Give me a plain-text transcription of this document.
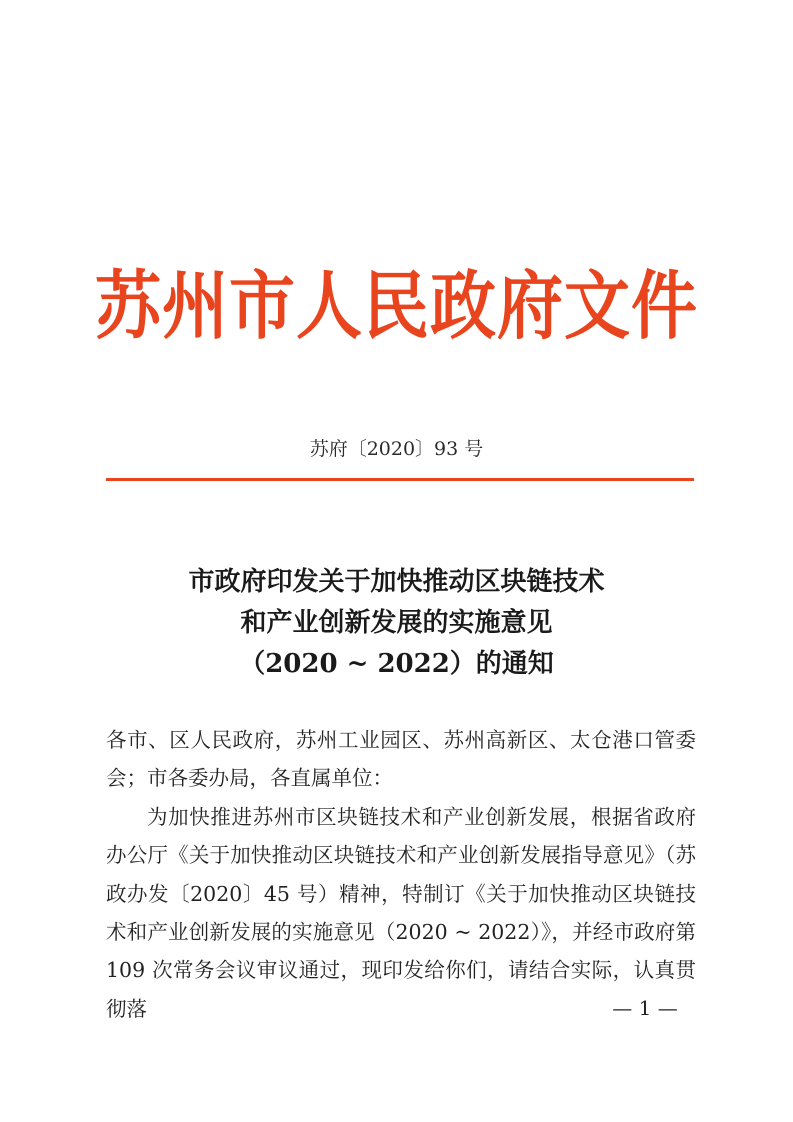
苏州市人民政府文件
苏府〔2020〕93 号
市政府印发关于加快推动区块链技术
和产业创新发展的实施意见
（2020 ~ 2022）的通知

各市、区人民政府，苏州工业园区、苏州高新区、太仓港口管委会；市各委办局，各直属单位：

为加快推进苏州市区块链技术和产业创新发展，根据省政府办公厅《关于加快推动区块链技术和产业创新发展指导意见》（苏政办发〔2020〕45 号）精神，特制订《关于加快推动区块链技术和产业创新发展的实施意见（2020 ~ 2022）》，并经市政府第 109 次常务会议审议通过，现印发给你们，请结合实际，认真贯彻落	— 1 —
